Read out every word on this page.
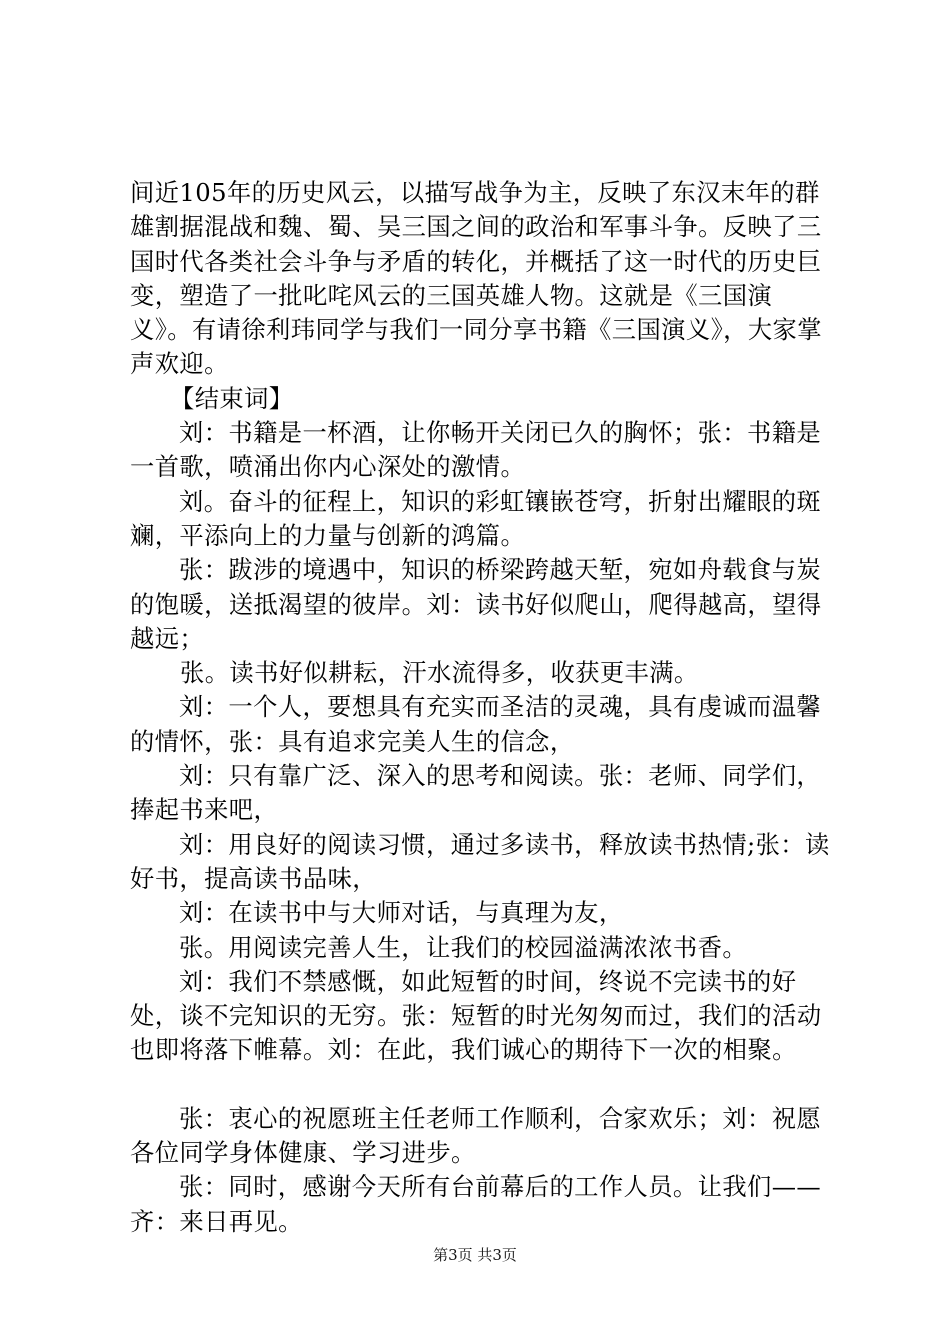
间近105年的历史风云，以描写战争为主，反映了东汉末年的群雄割据混战和魏、蜀、吴三国之间的政治和军事斗争。反映了三国时代各类社会斗争与矛盾的转化，并概括了这一时代的历史巨变，塑造了一批叱咤风云的三国英雄人物。这就是《三国演义》。有请徐利玮同学与我们一同分享书籍《三国演义》，大家掌声欢迎。

【结束词】

刘：书籍是一杯酒，让你畅开关闭已久的胸怀；张：书籍是一首歌，喷涌出你内心深处的激情。

刘。奋斗的征程上，知识的彩虹镶嵌苍穹，折射出耀眼的斑斓，平添向上的力量与创新的鸿篇。

张：跋涉的境遇中，知识的桥梁跨越天堑，宛如舟载食与炭的饱暖，送抵渴望的彼岸。刘：读书好似爬山，爬得越高，望得越远；

张。读书好似耕耘，汗水流得多，收获更丰满。

刘：一个人，要想具有充实而圣洁的灵魂，具有虔诚而温馨的情怀，张：具有追求完美人生的信念，

刘：只有靠广泛、深入的思考和阅读。张：老师、同学们，捧起书来吧，

刘：用良好的阅读习惯，通过多读书，释放读书热情;张：读好书，提高读书品味，

刘：在读书中与大师对话，与真理为友，

张。用阅读完善人生，让我们的校园溢满浓浓书香。

刘：我们不禁感慨，如此短暂的时间，终说不完读书的好处，谈不完知识的无穷。张：短暂的时光匆匆而过，我们的活动也即将落下帷幕。刘：在此，我们诚心的期待下一次的相聚。

张：衷心的祝愿班主任老师工作顺利，合家欢乐；刘：祝愿各位同学身体健康、学习进步。

张：同时，感谢今天所有台前幕后的工作人员。让我们——齐：来日再见。

第3页 共3页
